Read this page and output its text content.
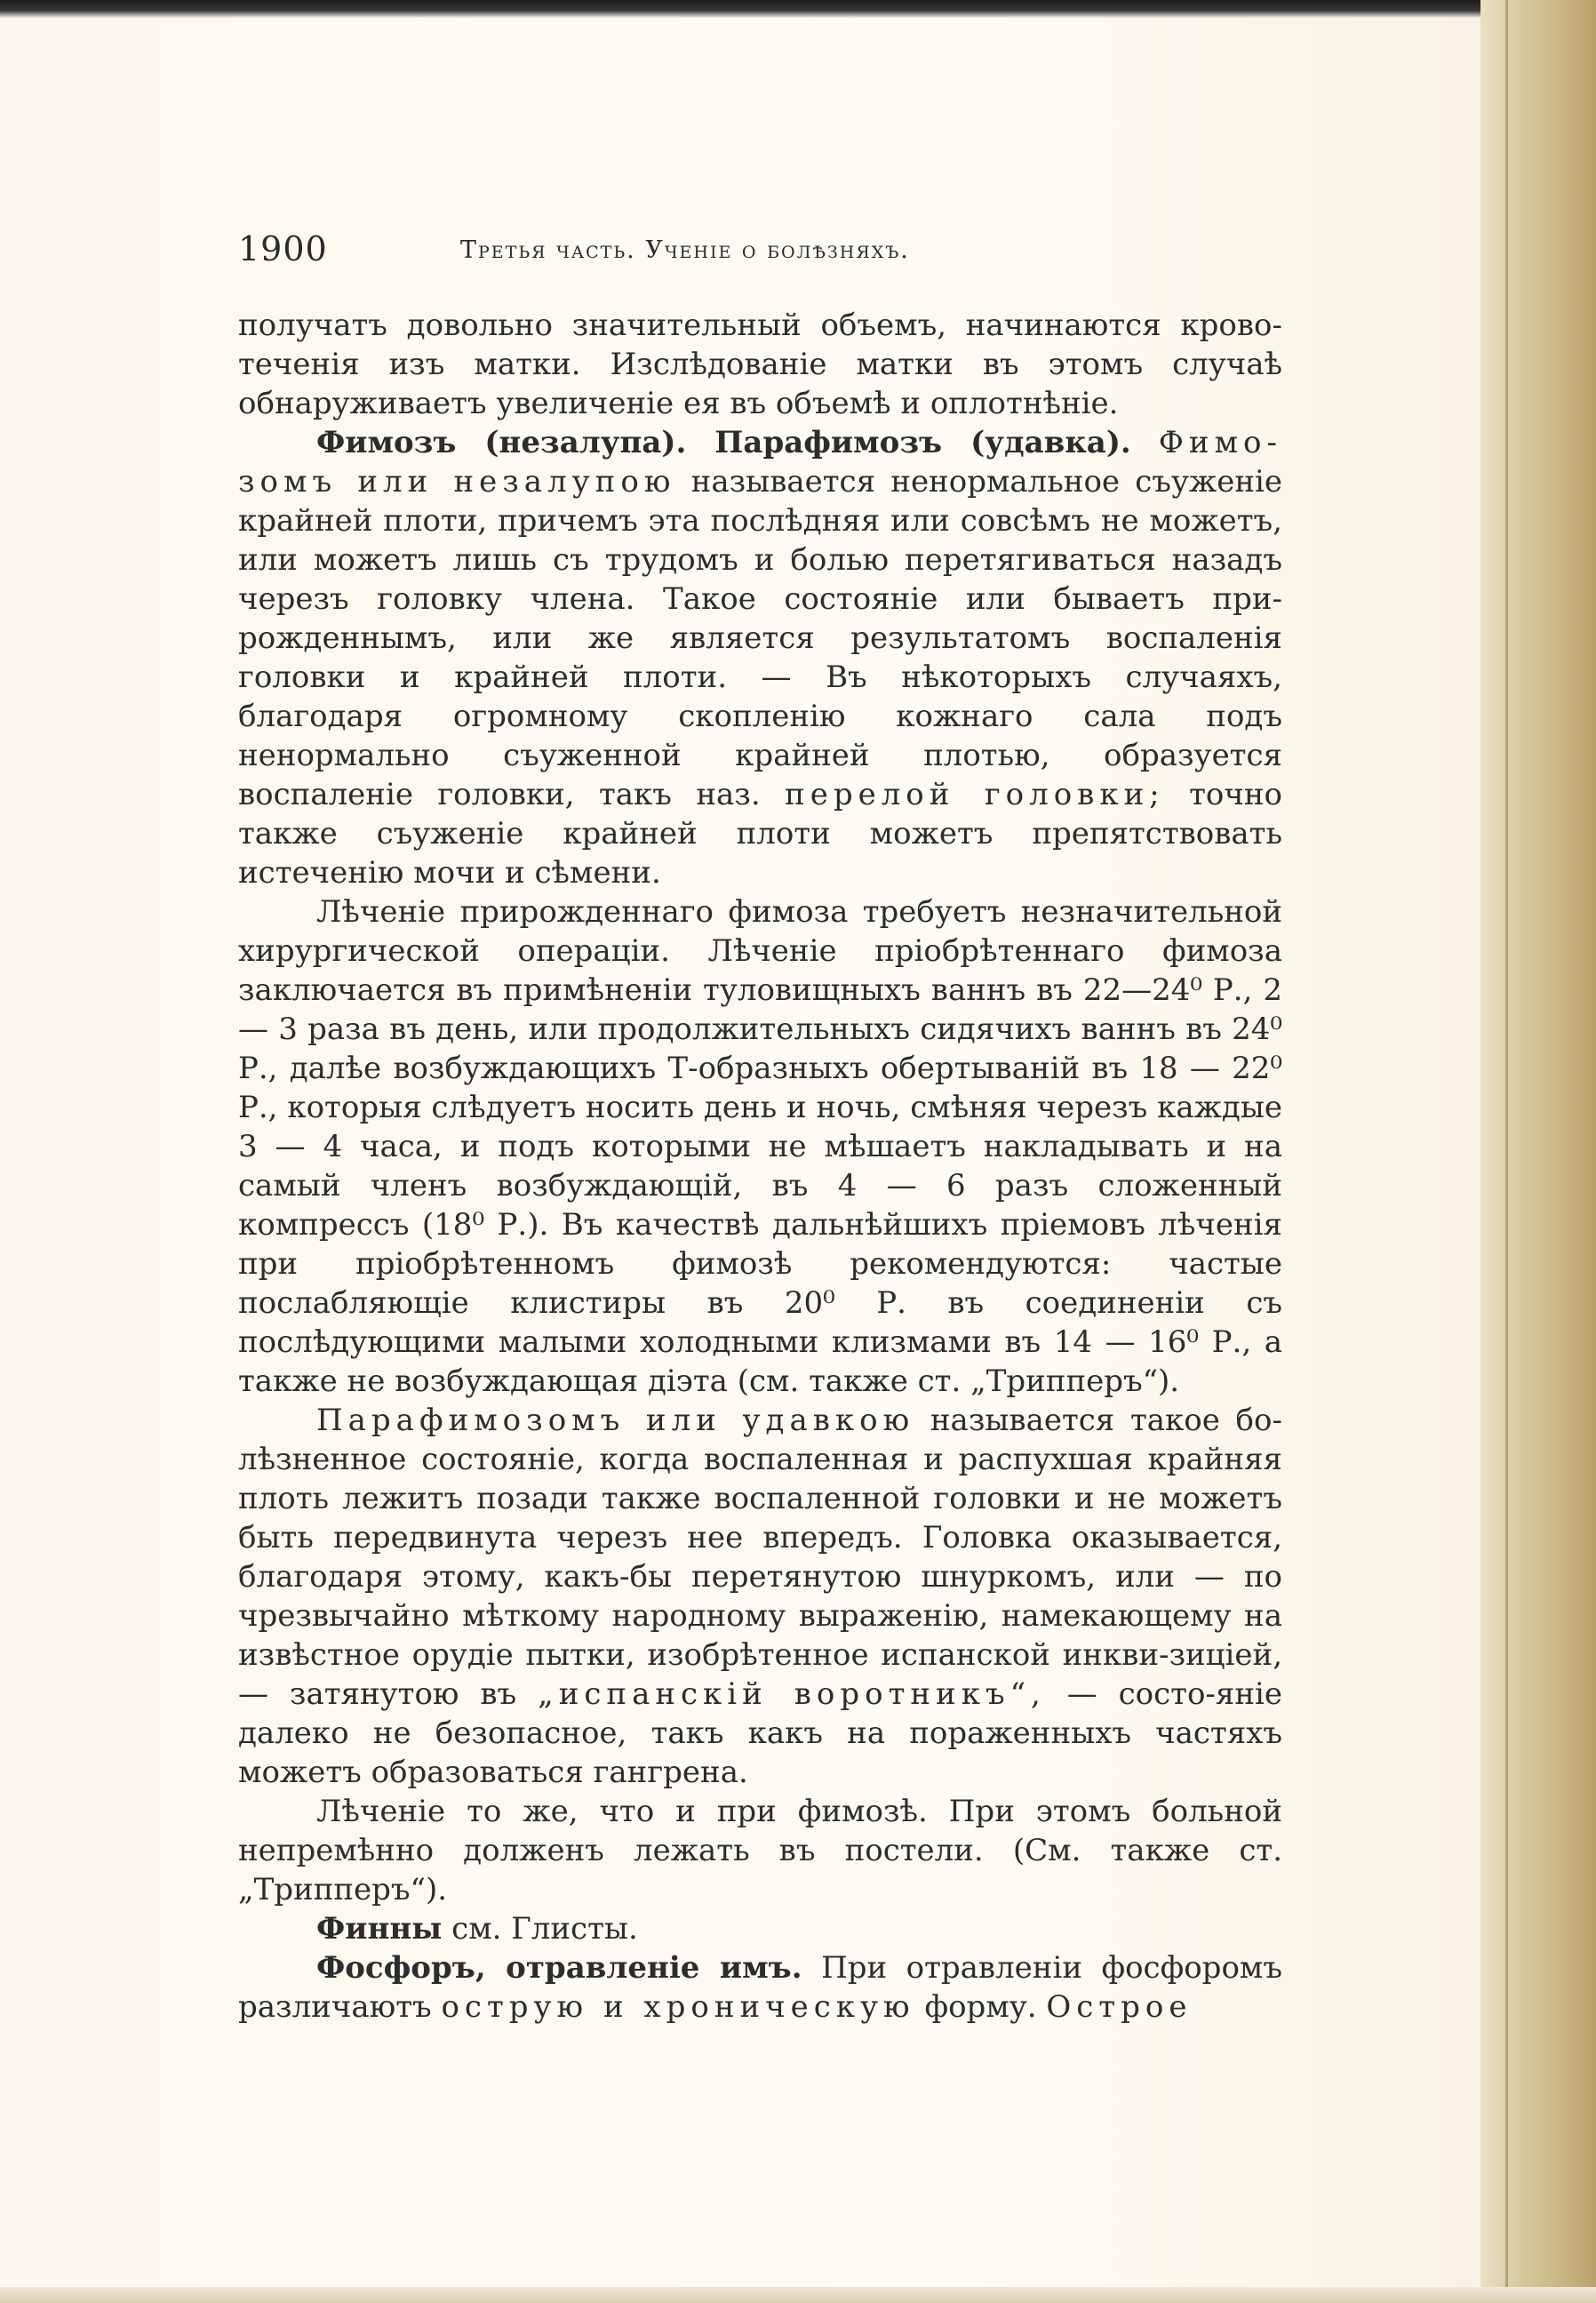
1900	Третья часть. Ученіе о болѣзняхъ.

получатъ довольно значительный объемъ, начинаются крово-теченія изъ матки. Изслѣдованіе матки въ этомъ случаѣ обнаруживаетъ увеличеніе ея въ объемѣ и оплотнѣніе.

Фимозъ (незалупа). Парафимозъ (удавка). Фимо-зомъ или незалупою называется ненормальное съуженіе крайней плоти, причемъ эта послѣдняя или совсѣмъ не можетъ, или можетъ лишь съ трудомъ и болью перетягиваться назадъ черезъ головку члена. Такое состояніе или бываетъ при-рожденнымъ, или же является результатомъ воспаленія головки и крайней плоти. — Въ нѣкоторыхъ случаяхъ, благодаря огромному скопленію кожнаго сала подъ ненормально съуженной крайней плотью, образуется воспаленіе головки, такъ наз. перелой головки; точно также съуженіе крайней плоти можетъ препятствовать истеченію мочи и сѣмени.

Лѣченіе прирожденнаго фимоза требуетъ незначительной хирургической операціи. Лѣченіе пріобрѣтеннаго фимоза заключается въ примѣненіи туловищныхъ ваннъ въ 22—24⁰ Р., 2 — 3 раза въ день, или продолжительныхъ сидячихъ ваннъ въ 24⁰ Р., далѣе возбуждающихъ Т-образныхъ обертываній въ 18 — 22⁰ Р., которыя слѣдуетъ носить день и ночь, смѣняя черезъ каждые 3 — 4 часа, и подъ которыми не мѣшаетъ накладывать и на самый членъ возбуждающій, въ 4 — 6 разъ сложенный компрессъ (18⁰ Р.). Въ качествѣ дальнѣйшихъ пріемовъ лѣченія при пріобрѣтенномъ фимозѣ рекомендуются: частые послабляющіе клистиры въ 20⁰ Р. въ соединеніи съ послѣдующими малыми холодными клизмами въ 14 — 16⁰ Р., а также не возбуждающая діэта (см. также ст. „Трипперъ“).

Парафимозомъ или удавкою называется такое бо-лѣзненное состояніе, когда воспаленная и распухшая крайняя плоть лежитъ позади также воспаленной головки и не можетъ быть передвинута черезъ нее впередъ. Головка оказывается, благодаря этому, какъ-бы перетянутою шнуркомъ, или — по чрезвычайно мѣткому народному выраженію, намекающему на извѣстное орудіе пытки, изобрѣтенное испанской инкви-зиціей, — затянутою въ „испанскій воротникъ“, — состо-яніе далеко не безопасное, такъ какъ на пораженныхъ частяхъ можетъ образоваться гангрена.

Лѣченіе то же, что и при фимозѣ. При этомъ больной непремѣнно долженъ лежать въ постели. (См. также ст. „Трипперъ“).

Финны см. Глисты.

Фосфоръ, отравленіе имъ. При отравленіи фосфоромъ различаютъ острую и хроническую форму. Острое
